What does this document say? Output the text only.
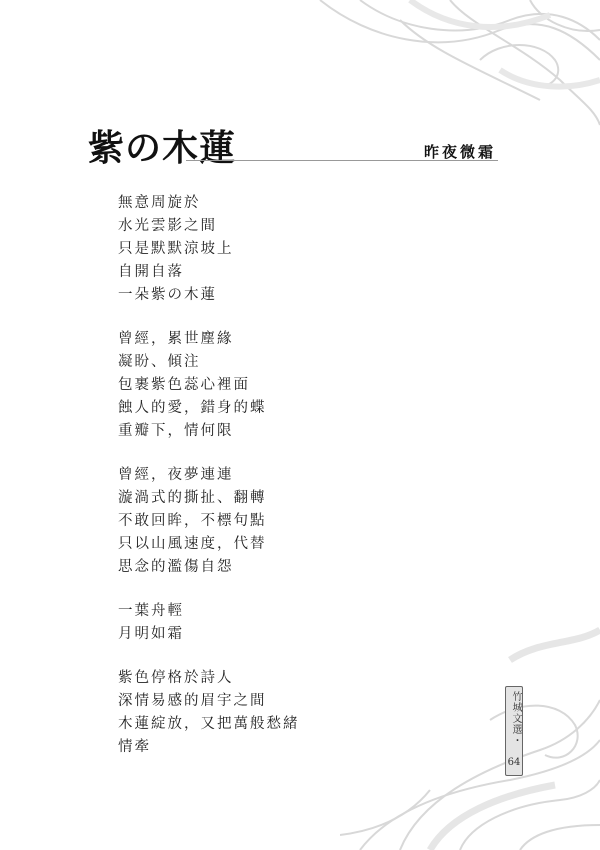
紫の木蓮	昨夜微霜
無意周旋於
水光雲影之間
只是默默涼坡上
自開自落
一朵紫の木蓮
曾經，累世塵緣
凝盼、傾注
包裹紫色蕊心裡面
蝕人的愛，錯身的蝶
重瓣下，情何限
曾經，夜夢連連
漩渦式的撕扯、翻轉
不敢回眸，不標句點
只以山風速度，代替
思念的濫傷自怨
一葉舟輕
月明如霜
紫色停格於詩人
深情易感的眉宇之間
木蓮綻放，又把萬般愁緒
情牽
竹城文選・
64
